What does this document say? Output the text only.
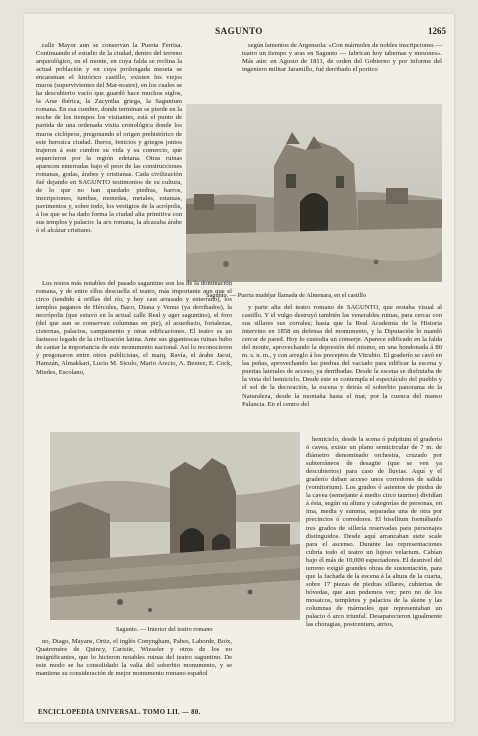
SAGUNTO	1265

calle Mayor aun se conservan la Puerta Ferrisa. Continuando el estudio de la ciudad, dentro del terreno arqueológico, en el monte, en cuya falda se reclina la actual población y en cuya prolongada meseta se encaraman el histórico castillo, existen los viejos muros (supervivientes del Mar-nostre), en los cuales se ha descubierto vacío que guardó hace muchos siglos, la Arse ibérica, la Zacyntha griega, la Saguntum romana. En esa cumbre, donde terminan se pierde en la noche de los tiempos los visitantes, está el punto de partida de una ordenada visita cronológica donde los muros ciclópeos, pregonando el origen prehistórico de este herosica ciudad. Iberos, fenicios y griegos jonios trajeron á este cumbre su vida y su comercio, que esparcieron por la región edetana. Otras ruinas aparecen enterradas bajo el peso de las construcciones romanas, godas, árabes y cristianas. Cada civilización fué dejando en SAGUNTO testimonios de su cultura, de lo que no han quedado piedras, barros, inscripciones, tumbas, monedas, metales, estatuas, pavimentos y, sobre todo, los vestigios de la acrópolis, á los que se ha dado forma la ciudad alta primitiva con sus templos y palacio: la arx romana, la alcazaba árabe ó el alcázar cristiano.

según lamentos de Argensola: «Con mármoles de nobles inscripciones — teatro un tiempo y aras en Sagunto — fabrican hoy tabernas y mesones». Más aún: en Agosto de 1811, de orden del Gobierno y por informe del ingeniero militar Jaramillo, fué derribado el portico

Sagunto. — Puerta mudéjar llamada de Almenara, en el castillo

Los restos más notables del pasado saguntino son los de la dominación romana, y de entre ellos descuella el teatro, más importante aun que el circo (tendido á orillas del río, y hoy casi arrasado y enterrado), los templos paganos de Hércules, Baco, Diana y Venus (ya derribados), la necrópolis (que estuvo en la actual calle Real y ager saguntino), el foro (del que aun se conservan columnas en pie), el acueducto, fortalezas, cisternas, palacios, campamento y otras edificaciones. El teatro es un fastuoso legado de la civilización latina. Ante sus gigantescas ruinas hubo de cantar la importancia de este monumento nacional. Así lo reconocieron y pregonaron entre otros publicistas, el marq. Ravía, el árabe Jacut, Hamzán, Almakkari, Lucio M. Siculo, Mario Arecio, A. Bentez, E. Cock, Miedes, Escolano,

y parte alta del teatro romano de SAGUNTO, que restaba visual al castillo. Y el vulgo destruyó también las venerables ruinas, para cercar con sus sillares sus corrales; hasta que la Real Academia de la Historia intervino en 1858 en defensa del monumento, y la Diputación lo mandó cercar de pared. Hoy lo custodia un conserje. Aparece edificado en la falda del monte, aprovechando la depresión del mismo, en una hondonada á 80 m. s. n. m., y con arreglo á los preceptos de Vitrubio. El graderío se cavó en las peñas, aprovechando las piedras del vaciado para edificar la escena y puertas laterales de acceso, ya derribadas. Desde la escena se disfrutaba de la vista del hemiciclo. Desde este se contempla el espectáculo del pueblo y el sol de la decoración, la escena y detrás el soberbio panorama de la Naturaleza, desde la montaña hasta el mar, por la cuenca del manso Palancia. En el centro del

Sagunto. — Interior del teatro romano

hemiciclo, desde la scena ó pulpitum el graderío ó cavea, existe un plano semicircular de 7 m. de diámetro denominado orchestra, cruzado por subterráneos de desagüe (que se ven ya descubiertos) para caso de lluvias. Aquí y el graderío daban acceso unos corredores de salida (vomitorium). Los grados ó asientos de piedra de la cavea (semejante á medio circo taurino) dividían á ésta, según su altura y categorías de personas, en ima, media y summa, separadas una de otra por precinctos ó corredores. El bisellium formábanlo tres grados de sillería reservadas para personajes distinguidos. Desde aquí arrancaban siete scale para el ascenso. Durante las representaciones cubría todo el teatro un lujoso velarium. Cabían bajo él más de 10,000 espectadores. El desnivel del terreno exigió grandes obras de sustentación, para que la fachada de la escena á la altura de la cuarta, sobre 17 piezas de piedras sillares, cubiertas de bóvedas, que aun podemos ver; pero no de los mosaicos, templetes y palacios de la skene y las columnas de mármoles que representaban un palacio ó arco triunfal. Desaparecieron igualmente las choragias, postcenium, atrios,

no, Diago, Mayans, Ortiz, el inglés Conyngham, Pabes, Laborde, Boix, Quatremère de Quincy, Caristie, Wieseler y otros de los no insignificantes, que lo hicieron notables ruinas del teatro saguntino. De este modo se ha consolidado la valía del soberbio monumento, y se mantiene su consideración de mejor monumento romano español

ENCICLOPEDIA UNIVERSAL. TOMO LII. — 80.
